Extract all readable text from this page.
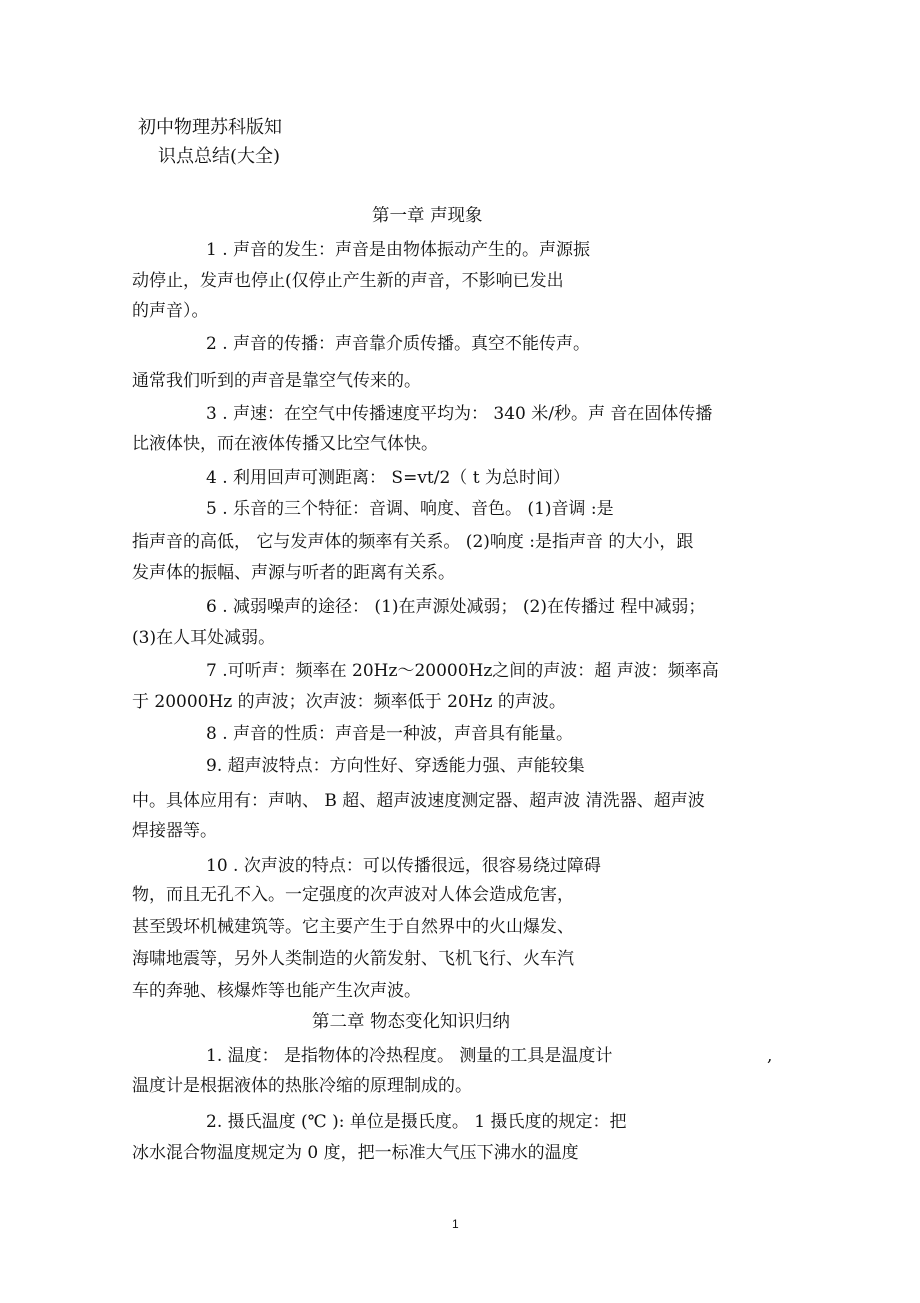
初中物理苏科版知
识点总结(大全)
第一章 声现象
1 . 声音的发生：声音是由物体振动产生的。声源振
动停止，发声也停止(仅停止产生新的声音，不影响已发出
的声音）。
2 . 声音的传播：声音靠介质传播。真空不能传声。
通常我们听到的声音是靠空气传来的。
3 . 声速：在空气中传播速度平均为： 340 米/秒。声 音在固体传播
比液体快，而在液体传播又比空气体快。
4 . 利用回声可测距离： S=vt/2（ t 为总时间）
5 . 乐音的三个特征：音调、响度、音色。 (1)音调 :是
指声音的高低， 它与发声体的频率有关系。 (2)响度 :是指声音 的大小，跟
发声体的振幅、声源与听者的距离有关系。
6 . 减弱噪声的途径： (1)在声源处减弱； (2)在传播过 程中减弱；
(3)在人耳处减弱。
7 .可听声：频率在 20Hz〜20000Hz之间的声波：超 声波：频率高
于 20000Hz 的声波；次声波：频率低于 20Hz 的声波。
8 . 声音的性质：声音是一种波，声音具有能量。
9. 超声波特点：方向性好、穿透能力强、声能较集
中。具体应用有：声呐、 B 超、超声波速度测定器、超声波 清洗器、超声波
焊接器等。
10 . 次声波的特点：可以传播很远，很容易绕过障碍
物，而且无孔不入。一定强度的次声波对人体会造成危害，
甚至毁坏机械建筑等。它主要产生于自然界中的火山爆发、
海啸地震等，另外人类制造的火箭发射、飞机飞行、火车汽
车的奔驰、核爆炸等也能产生次声波。
第二章 物态变化知识归纳
1. 温度： 是指物体的冷热程度。 测量的工具是温度计	,
温度计是根据液体的热胀冷缩的原理制成的。
2. 摄氏温度 (℃ ): 单位是摄氏度。 1 摄氏度的规定：把
冰水混合物温度规定为 0 度，把一标准大气压下沸水的温度
1
